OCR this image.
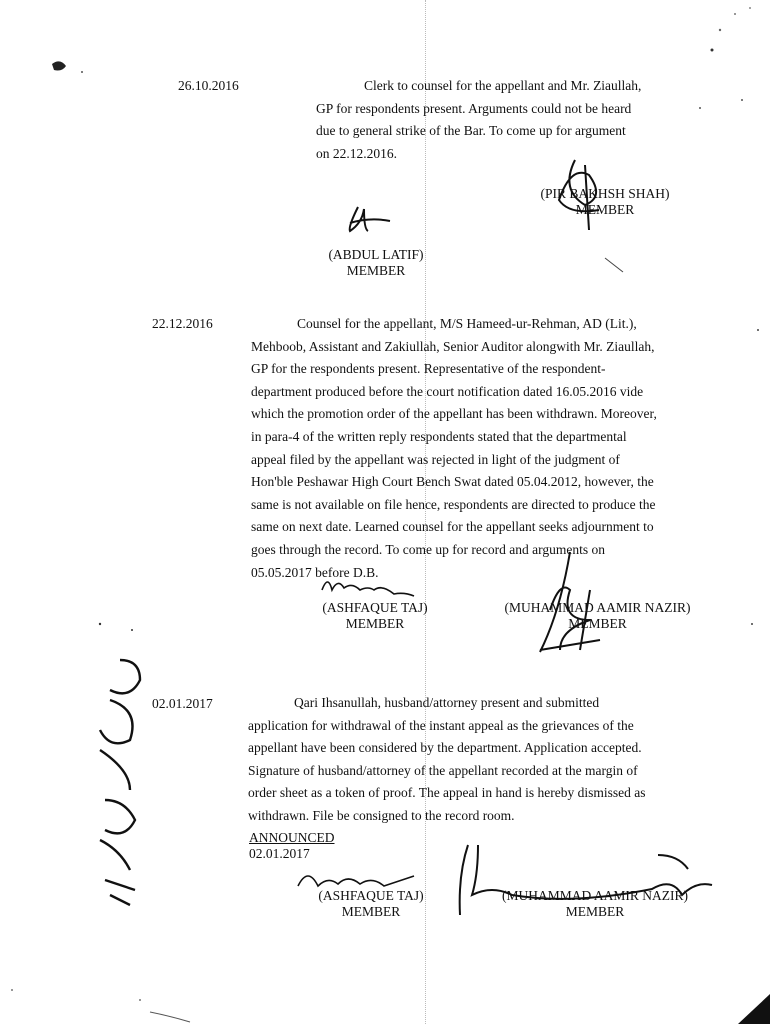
26.10.2016	Clerk to counsel for the appellant and Mr. Ziaullah,
GP for respondents present. Arguments could not be heard
due to general strike of the Bar. To come up for argument
on 22.12.2016.
(PIR BAKHSH SHAH)
MEMBER
(ABDUL LATIF)
MEMBER
22.12.2016	Counsel for the appellant, M/S Hameed-ur-Rehman, AD (Lit.),
Mehboob, Assistant and Zakiullah, Senior Auditor alongwith Mr. Ziaullah,
GP for the respondents present. Representative of the respondent-
department produced before the court notification dated 16.05.2016 vide
which the promotion order of the appellant has been withdrawn. Moreover,
in para-4 of the written reply respondents stated that the departmental
appeal filed by the appellant was rejected in light of the judgment of
Hon'ble Peshawar High Court Bench Swat dated 05.04.2012, however, the
same is not available on file hence, respondents are directed to produce the
same on next date. Learned counsel for the appellant seeks adjournment to
goes through the record. To come up for record and arguments on
05.05.2017 before D.B.
(ASHFAQUE TAJ)
MEMBER
(MUHAMMAD AAMIR NAZIR)
MEMBER
02.01.2017	Qari Ihsanullah, husband/attorney present and submitted
application for withdrawal of the instant appeal as the grievances of the
appellant have been considered by the department. Application accepted.
Signature of husband/attorney of the appellant recorded at the margin of
order sheet as a token of proof. The appeal in hand is hereby dismissed as
withdrawn. File be consigned to the record room.
ANNOUNCED
02.01.2017
(ASHFAQUE TAJ)
MEMBER
(MUHAMMAD AAMIR NAZIR)
MEMBER
